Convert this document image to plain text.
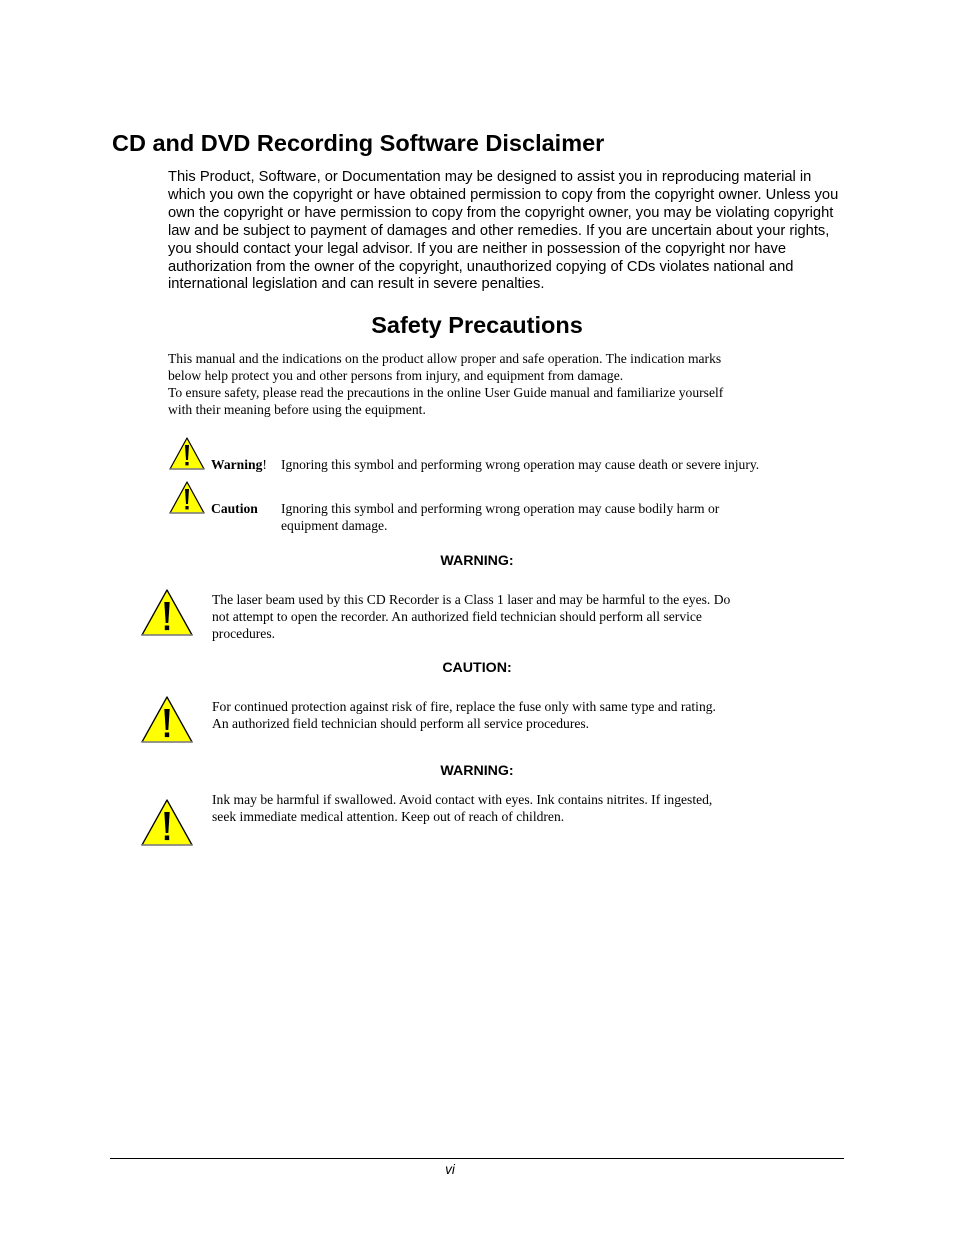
CD and DVD Recording Software Disclaimer

This Product, Software, or Documentation may be designed to assist you in reproducing material in which you own the copyright or have obtained permission to copy from the copyright owner. Unless you own the copyright or have permission to copy from the copyright owner, you may be violating copyright law and be subject to payment of damages and other remedies. If you are uncertain about your rights, you should contact your legal advisor. If you are neither in possession of the copyright nor have authorization from the owner of the copyright, unauthorized copying of CDs violates national and international legislation and can result in severe penalties.

Safety Precautions
This manual and the indications on the product allow proper and safe operation. The indication marks
below help protect you and other persons from injury, and equipment from damage.
To ensure safety, please read the precautions in the online User Guide manual and familiarize yourself
with their meaning before using the equipment.
Warning! Ignoring this symbol and performing wrong operation may cause death or severe injury.
Caution Ignoring this symbol and performing wrong operation may cause bodily harm or
equipment damage.
WARNING:
The laser beam used by this CD Recorder is a Class 1 laser and may be harmful to the eyes. Do
not attempt to open the recorder. An authorized field technician should perform all service
procedures.
CAUTION:
For continued protection against risk of fire, replace the fuse only with same type and rating.
An authorized field technician should perform all service procedures.
WARNING:
Ink may be harmful if swallowed. Avoid contact with eyes. Ink contains nitrites. If ingested,
seek immediate medical attention. Keep out of reach of children.
vi
